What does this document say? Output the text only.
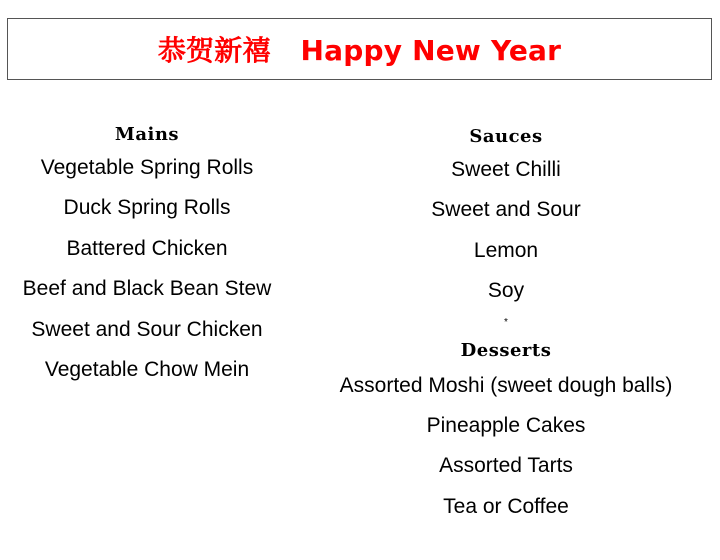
恭贺新禧   Happy New Year
Mains
Vegetable Spring Rolls
Duck Spring Rolls
Battered Chicken
Beef and Black Bean Stew
Sweet and Sour Chicken
Vegetable Chow Mein
Sauces
Sweet Chilli
Sweet and Sour
Lemon
Soy
*
Desserts
Assorted Moshi (sweet dough balls)
Pineapple Cakes
Assorted Tarts
Tea or Coffee
